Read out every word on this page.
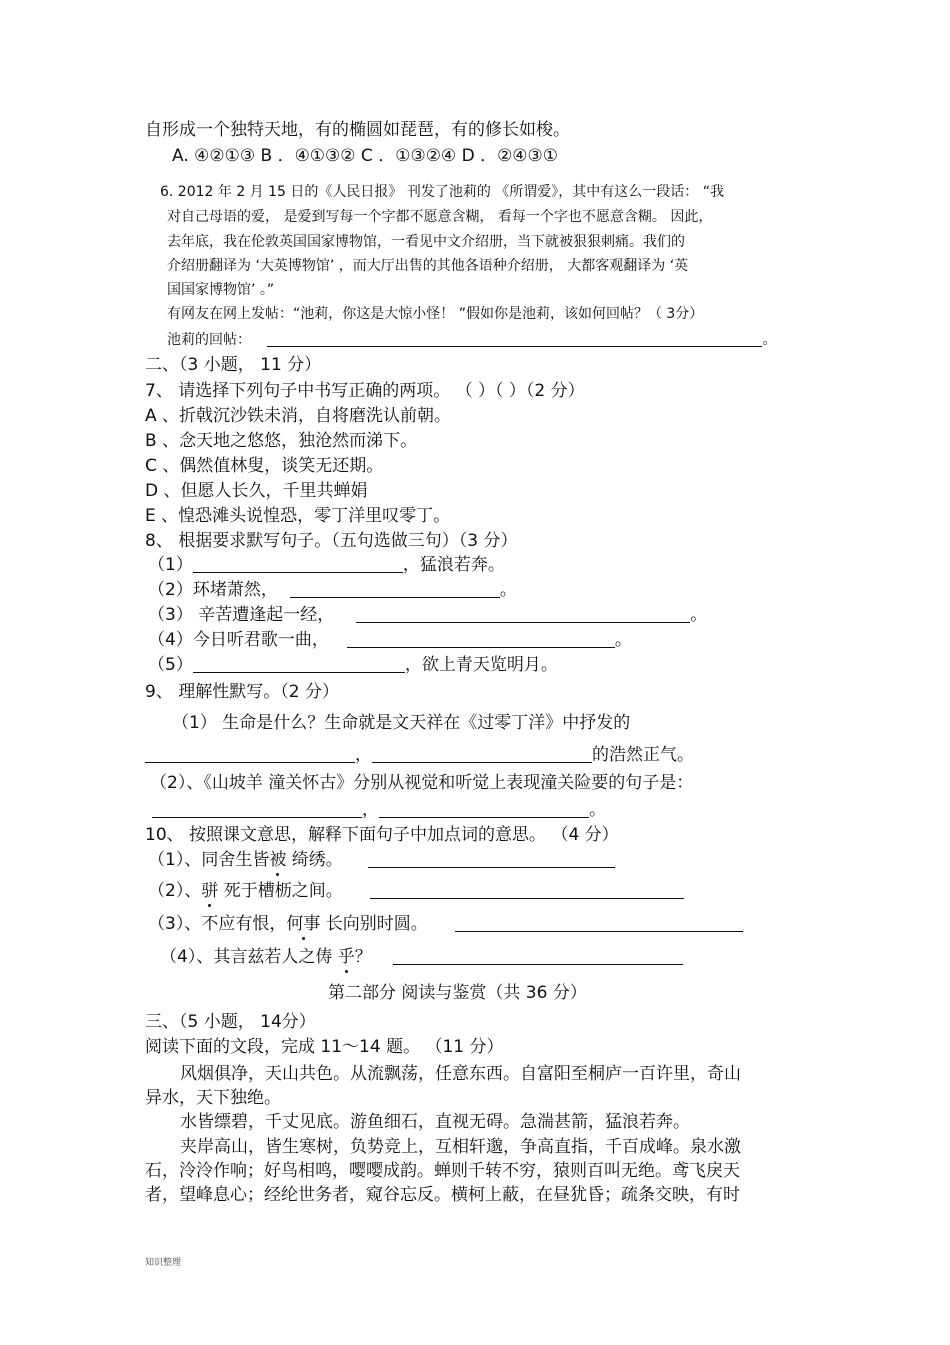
自形成一个独特天地，有的椭圆如琵琶，有的修长如梭。
A. ④②①③ B ．④①③② C ．①③②④ D ．②④③①
6. 2012 年 2 月 15 日的《人民日报》 刊发了池莉的 《所谓爱》，其中有这么一段话： “我
对自己母语的爱， 是爱到写每一个字都不愿意含糊， 看每一个字也不愿意含糊。 因此，
去年底，我在伦敦英国国家博物馆，一看见中文介绍册，当下就被狠狠刺痛。我们的
介绍册翻译为 ‘大英博物馆’ ，而大厅出售的其他各语种介绍册， 大都客观翻译为 ‘英
国国家博物馆’ 。”
有网友在网上发帖：“池莉，你这是大惊小怪！ ”假如你是池莉，该如何回帖？（ 3分）
池莉的回帖：	。
二、（3 小题， 11 分）
7、 请选择下列句子中书写正确的两项。 （ ）（ ）（2 分）
A 、折戟沉沙铁未消，自将磨洗认前朝。
B 、念天地之悠悠，独沧然而涕下。
C 、偶然值林叟，谈笑无还期。
D 、但愿人长久，千里共蝉娟
E 、惶恐滩头说惶恐，零丁洋里叹零丁。
8、 根据要求默写句子。（五句选做三句）（3 分）
（1）	，猛浪若奔。
（2）环堵萧然，	。
（3） 辛苦遭逢起一经，	。
（4）今日听君歌一曲，	。
（5）	，欲上青天览明月。
9、 理解性默写。（2 分）
（1） 生命是什么？生命就是文天祥在《过零丁洋》中抒发的
，	的浩然正气。
（2）、《山坡羊 潼关怀古》分别从视觉和听觉上表现潼关险要的句子是：
，	。
10、 按照课文意思，解释下面句子中加点词的意思。 （4 分）
（1）、同舍生皆被 绮绣。
（2）、骈 死于槽枥之间。
（3）、不应有恨，何事 长向别时圆。
（4）、其言兹若人之俦 乎？
第二部分 阅读与鉴赏（共 36 分）
三、（5 小题， 14分）
阅读下面的文段，完成 11～14 题。 （11 分）
风烟俱净，天山共色。从流飘荡，任意东西。自富阳至桐庐一百许里，奇山
异水，天下独绝。
水皆缥碧，千丈见底。游鱼细石，直视无碍。急湍甚箭，猛浪若奔。
夹岸高山，皆生寒树，负势竞上，互相轩邈，争高直指，千百成峰。泉水激
石，泠泠作响；好鸟相鸣，嘤嘤成韵。蝉则千转不穷，猿则百叫无绝。鸢飞戾天
者，望峰息心；经纶世务者，窥谷忘反。横柯上蔽，在昼犹昏；疏条交映，有时
知识整理
